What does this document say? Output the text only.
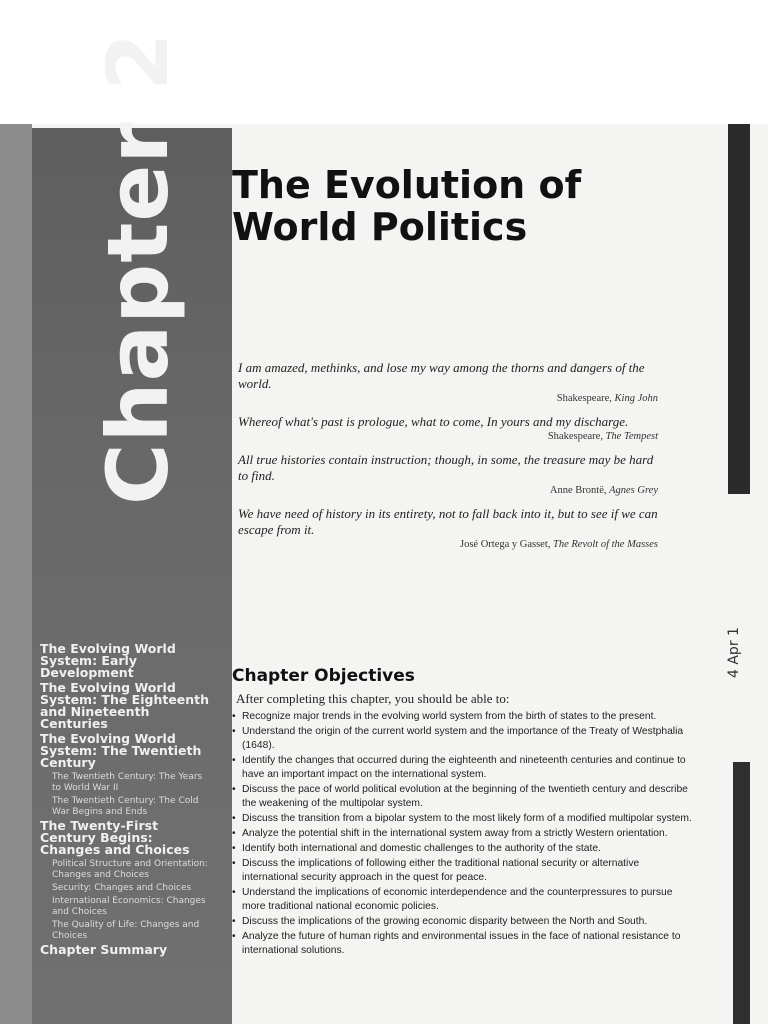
Chapter 2
The Evolving World System: Early Development
The Evolving World System: The Eighteenth and Nineteenth Centuries
The Evolving World System: The Twentieth Century
The Twentieth Century: The Years to World War II
The Twentieth Century: The Cold War Begins and Ends
The Twenty-First Century Begins: Changes and Choices
Political Structure and Orientation: Changes and Choices
Security: Changes and Choices
International Economics: Changes and Choices
The Quality of Life: Changes and Choices
Chapter Summary
4 Apr 1
The Evolution of
World Politics
I am amazed, methinks, and lose my way among the thorns and dangers of the world.
Shakespeare, King John
Whereof what's past is prologue, what to come, In yours and my discharge.
Shakespeare, The Tempest
All true histories contain instruction; though, in some, the treasure may be hard to find.
Anne Brontë, Agnes Grey
We have need of history in its entirety, not to fall back into it, but to see if we can escape from it.
José Ortega y Gasset, The Revolt of the Masses
Chapter Objectives
After completing this chapter, you should be able to:
• Recognize major trends in the evolving world system from the birth of states to the present.
• Understand the origin of the current world system and the importance of the Treaty of Westphalia (1648).
• Identify the changes that occurred during the eighteenth and nineteenth centuries and continue to have an important impact on the international system.
• Discuss the pace of world political evolution at the beginning of the twentieth century and describe the weakening of the multipolar system.
• Discuss the transition from a bipolar system to the most likely form of a modified multipolar system.
• Analyze the potential shift in the international system away from a strictly Western orientation.
• Identify both international and domestic challenges to the authority of the state.
• Discuss the implications of following either the traditional national security or alternative international security approach in the quest for peace.
• Understand the implications of economic interdependence and the counterpressures to pursue more traditional national economic policies.
• Discuss the implications of the growing economic disparity between the North and South.
• Analyze the future of human rights and environmental issues in the face of national resistance to international solutions.
